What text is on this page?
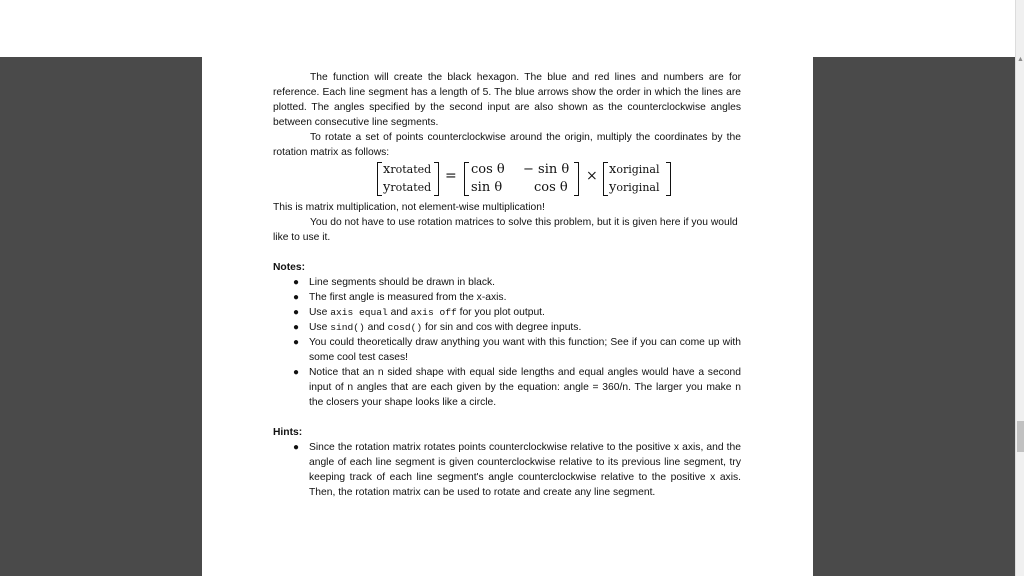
▲

The function will create the black hexagon. The blue and red lines and numbers are for reference. Each line segment has a length of 5. The blue arrows show the order in which the lines are plotted. The angles specified by the second input are also shown as the counterclockwise angles between consecutive line segments.

To rotate a set of points counterclockwise around the origin, multiply the coordinates by the rotation matrix as follows:

xrotated
yrotated
= cos θ − sin θ
sin θ cos θ
× xoriginal
yoriginal

This is matrix multiplication, not element-wise multiplication!

You do not have to use rotation matrices to solve this problem, but it is given here if you would like to use it.

Notes:

● Line segments should be drawn in black.
● The first angle is measured from the x-axis.
● Use axis equal and axis off for you plot output.
● Use sind() and cosd() for sin and cos with degree inputs.
● You could theoretically draw anything you want with this function; See if you can come up with some cool test cases!
● Notice that an n sided shape with equal side lengths and equal angles would have a second input of n angles that are each given by the equation: angle = 360/n. The larger you make n the closers your shape looks like a circle.

Hints:

● Since the rotation matrix rotates points counterclockwise relative to the positive x axis, and the angle of each line segment is given counterclockwise relative to its previous line segment, try keeping track of each line segment's angle counterclockwise relative to the positive x axis. Then, the rotation matrix can be used to rotate and create any line segment.
